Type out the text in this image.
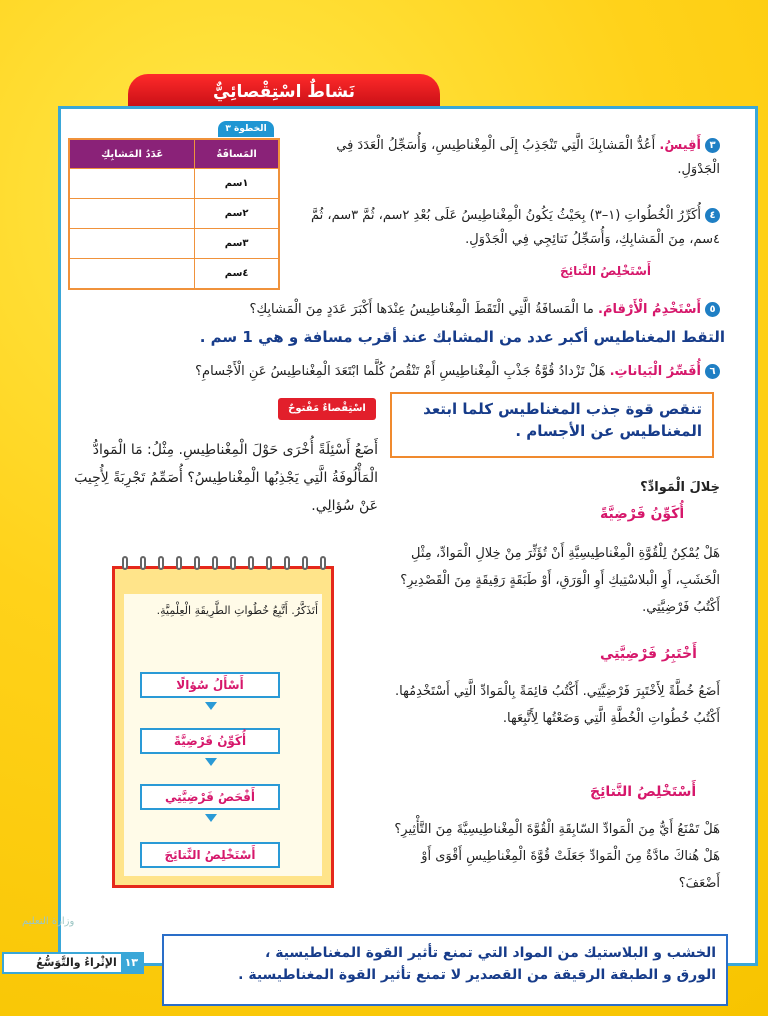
نَشاطٌ اسْتِقْصائِيٌّ
الخطوة ٣
المَسافَةُ	عَدَدُ المَشابِكِ
١سم	
٢سم	
٣سم	
٤سم	
٣أَقِيسُ. أَعُدُّ الْمَشابِكَ الَّتِي تَنْجَذِبُ إِلَى الْمِغْناطِيسِ، وَأُسَجِّلُ الْعَدَدَ فِي الْجَدْوَلِ.
٤أُكَرِّرُ الْخُطُواتِ (١–٣) بِحَيْثُ يَكُونُ الْمِغْناطِيسُ عَلَى بُعْدِ ٢سم، ثُمَّ ٣سم، ثُمَّ ٤سم، مِنَ الْمَشابِكِ، وَأُسَجِّلُ نَتائِجِي فِي الْجَدْوَلِ.
أَسْتَخْلِصُ النَّتائِجَ
٥أَسْتَخْدِمُ الْأَرْقامَ. ما الْمَسافَةُ الَّتِي الْتَقَطَ الْمِغْناطِيسُ عِنْدَها أَكْبَرَ عَدَدٍ مِنَ الْمَشابِكِ؟
التقط المغناطيس أكبر عدد من المشابك عند أقرب مسافة و هي 1 سم .
٦أُفَسِّرُ الْبَياناتِ. هَلْ تَزْدادُ قُوَّةُ جَذْبِ الْمِغْناطِيسِ أَمْ تَنْقُصُ كُلَّما ابْتَعَدَ الْمِغْناطِيسُ عَنِ الْأَجْسامِ؟
اسْتِقْصاءٌ مَفْتوحٌ
أَضَعُ أَسْئِلَةً أُخْرَى حَوْلَ الْمِغْناطِيسِ. مِثْلُ: مَا الْمَوادُّ الْمَأْلُوفَةُ الَّتِي يَجْذِبُها الْمِغْناطِيسُ؟ أُصَمِّمُ تَجْرِبَةً لِأُجِيبَ عَنْ سُؤالِي.
تنقص قوة جذب المغناطيس كلما ابتعد المغناطيس عن الأجسام .
خِلالَ الْمَوادِّ؟
أُكَوِّنُ فَرْضِيَّةً
هَلْ يُمْكِنُ لِلْقُوَّةِ الْمِغْناطِيسِيَّةِ أَنْ تُؤَثِّرَ مِنْ خِلالِ الْمَوادِّ، مِثْلِ الْخَشَبِ، أَوِ الْبلاسْتِيكِ أَوِ الْوَرَقِ، أَوْ طَبَقَةٍ رَقِيقَةٍ مِنَ الْقَصْدِيرِ؟ أَكْتُبُ فَرْضِيَّتِي.
أَخْتَبِرُ فَرْضِيَّتِي
أَضَعُ خُطَّةً لِأَخْتَبِرَ فَرْضِيَّتِي. أَكْتُبُ قائِمَةً بِالْمَوادِّ الَّتِي أَسْتَخْدِمُها. أَكْتُبُ خُطُواتِ الْخُطَّةِ الَّتِي وَضَعْتُها لِأَتَّبِعَها.
أَسْتَخْلِصُ النَّتائِجَ
هَلْ تَمْنَعُ أَيٌّ مِنَ الْمَوادِّ السّابِقَةِ الْقُوَّةَ الْمِغْناطِيسِيَّةَ مِنَ التَّأْثِيرِ؟ هَلْ هُناكَ مادَّةٌ مِنَ الْمَوادِّ جَعَلَتْ قُوَّةَ الْمِغْناطِيسِ أَقْوَى أَوْ أَضْعَفَ؟
أَتَذَكَّرُ. أَتَّبِعُ خُطُواتِ الطَّرِيقَةِ الْعِلْمِيَّةِ.
أَسْأَلُ سُؤالًا
أُكَوِّنُ فَرْضِيَّةً
أَفْحَصُ فَرْضِيَّتِي
أَسْتَخْلِصُ النَّتائِجَ
وزارة التعليم
١٣ الإثْراءُ والتَّوَسُّعُ
الخشب و البلاستيك من المواد التي تمنع تأثير القوة المغناطيسية ،
الورق و الطبقة الرقيقة من القصدير لا تمنع تأثير القوة المغناطيسية .
